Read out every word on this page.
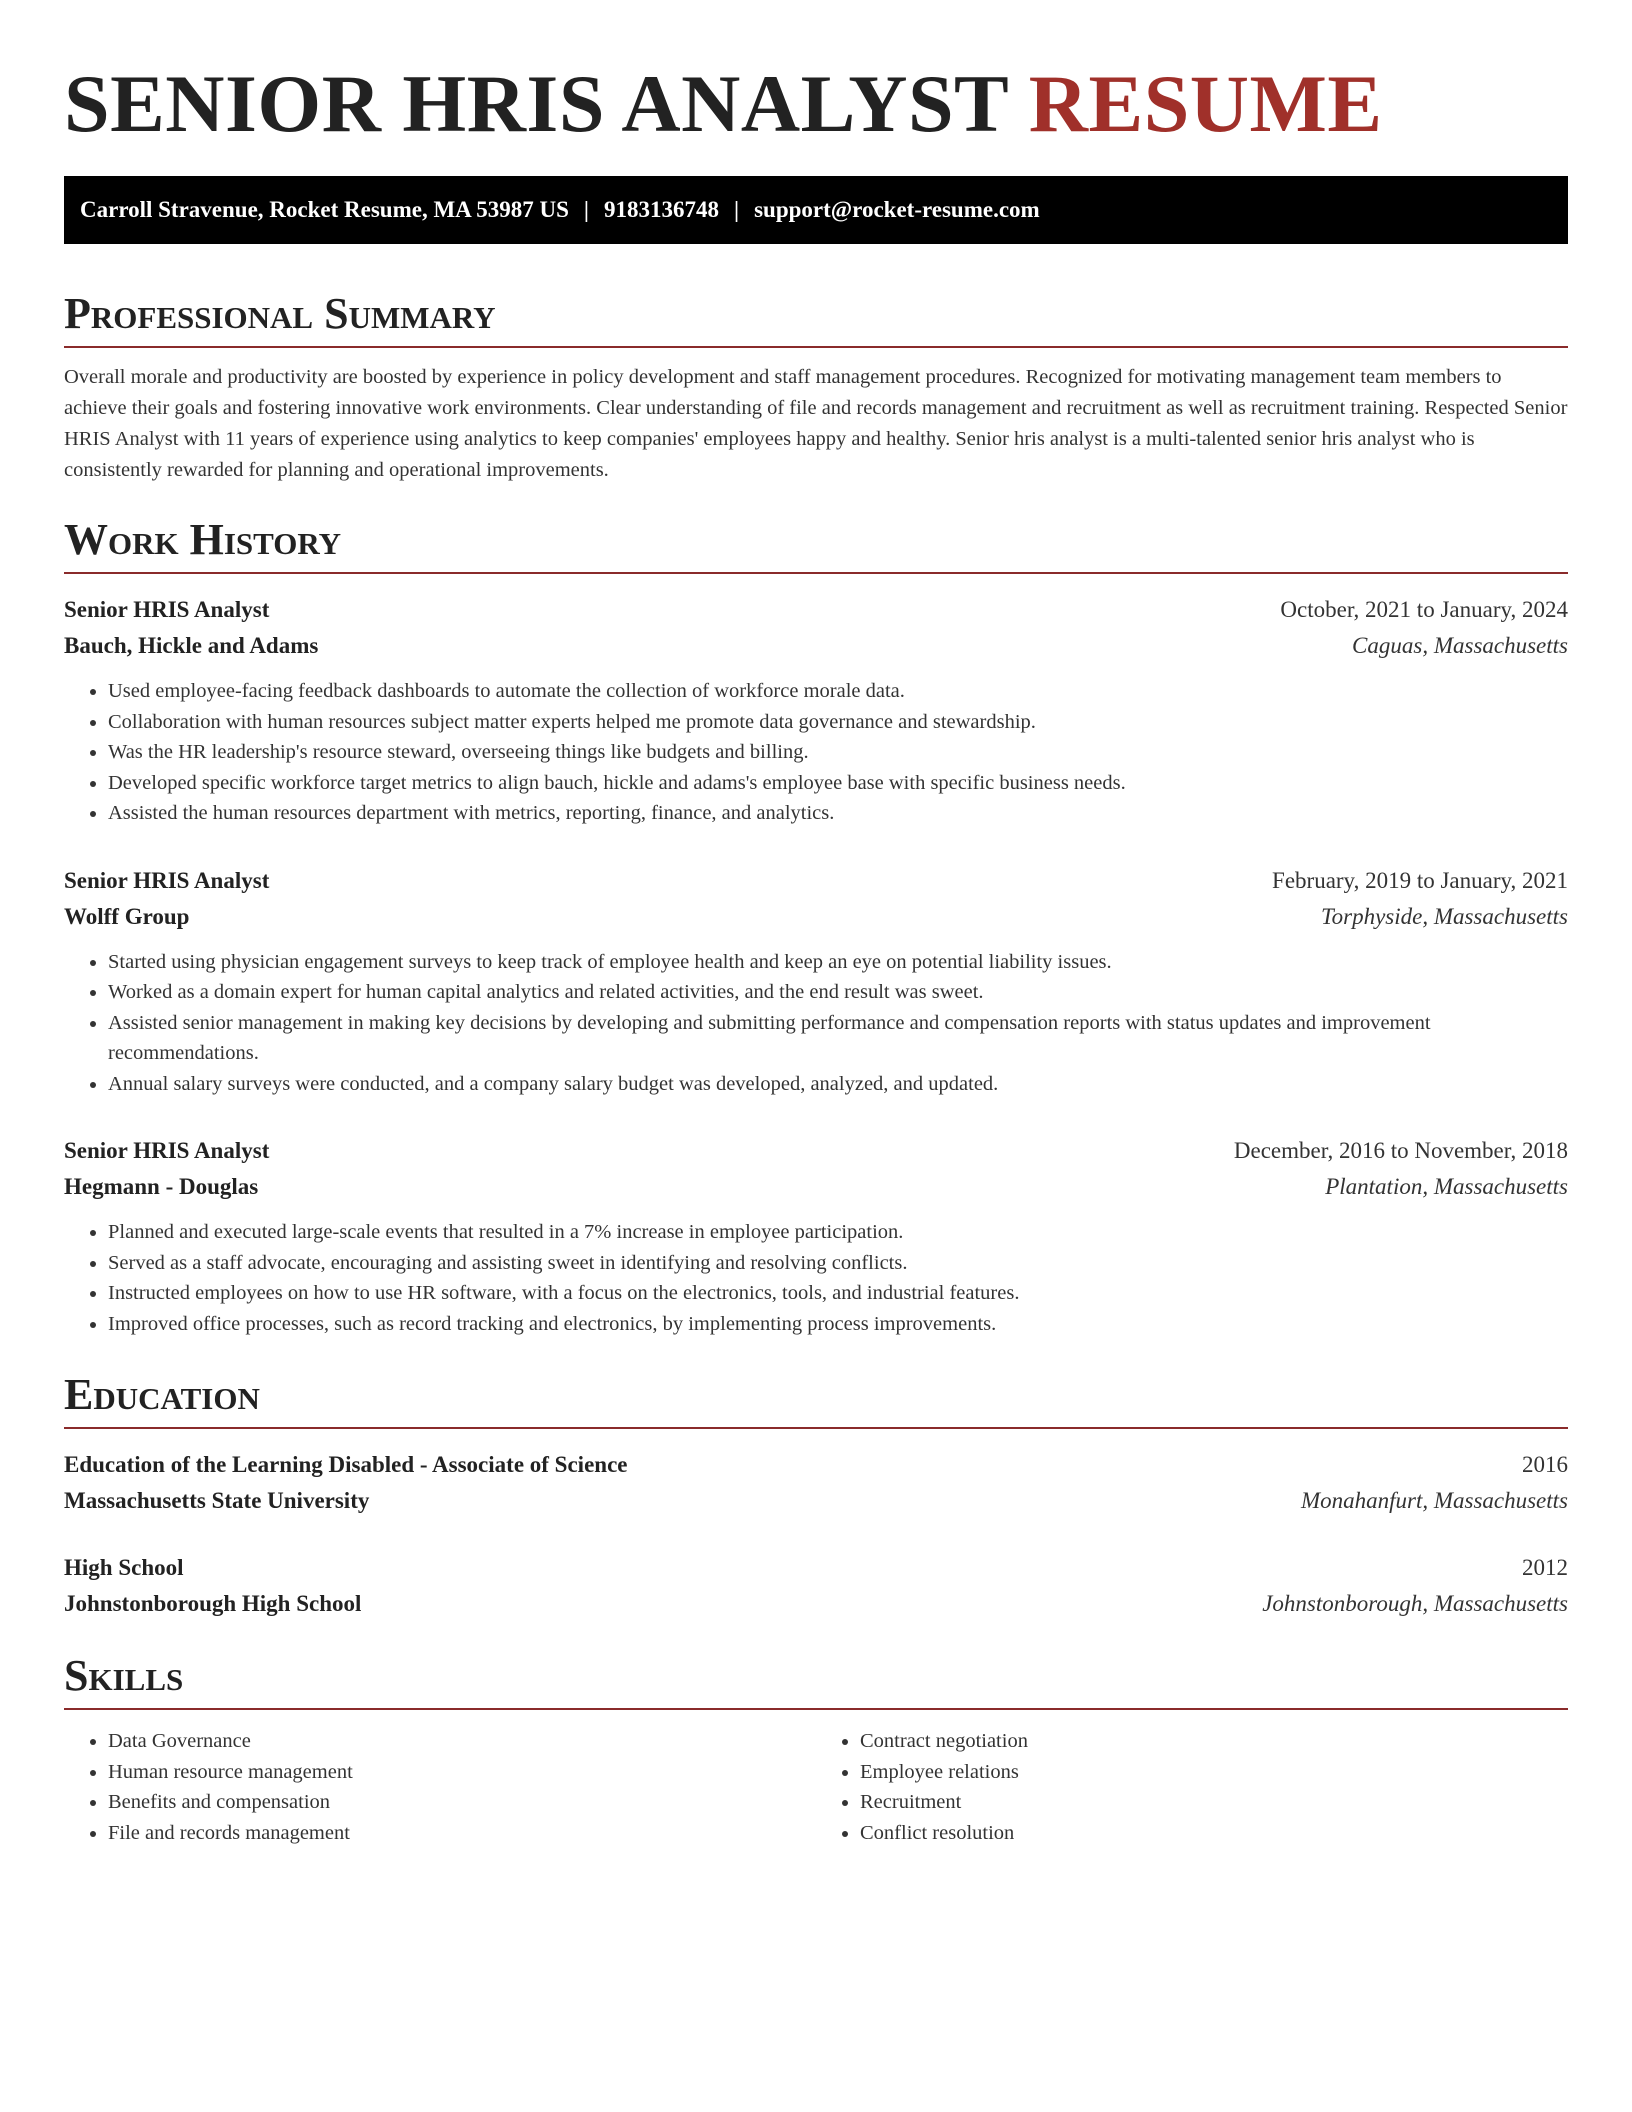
SENIOR HRIS ANALYST RESUME
Carroll Stravenue, Rocket Resume, MA 53987 US | 9183136748 | support@rocket-resume.com
Professional Summary

Overall morale and productivity are boosted by experience in policy development and staff management procedures. Recognized for motivating management team members to achieve their goals and fostering innovative work environments. Clear understanding of file and records management and recruitment as well as recruitment training. Respected Senior HRIS Analyst with 11 years of experience using analytics to keep companies' employees happy and healthy. Senior hris analyst is a multi-talented senior hris analyst who is consistently rewarded for planning and operational improvements.

Work History
Senior HRIS Analyst	October, 2021 to January, 2024
Bauch, Hickle and Adams	Caguas, Massachusetts
• Used employee-facing feedback dashboards to automate the collection of workforce morale data.
• Collaboration with human resources subject matter experts helped me promote data governance and stewardship.
• Was the HR leadership's resource steward, overseeing things like budgets and billing.
• Developed specific workforce target metrics to align bauch, hickle and adams's employee base with specific business needs.
• Assisted the human resources department with metrics, reporting, finance, and analytics.
Senior HRIS Analyst	February, 2019 to January, 2021
Wolff Group	Torphyside, Massachusetts
• Started using physician engagement surveys to keep track of employee health and keep an eye on potential liability issues.
• Worked as a domain expert for human capital analytics and related activities, and the end result was sweet.
• Assisted senior management in making key decisions by developing and submitting performance and compensation reports with status updates and improvement recommendations.
• Annual salary surveys were conducted, and a company salary budget was developed, analyzed, and updated.
Senior HRIS Analyst	December, 2016 to November, 2018
Hegmann - Douglas	Plantation, Massachusetts
• Planned and executed large-scale events that resulted in a 7% increase in employee participation.
• Served as a staff advocate, encouraging and assisting sweet in identifying and resolving conflicts.
• Instructed employees on how to use HR software, with a focus on the electronics, tools, and industrial features.
• Improved office processes, such as record tracking and electronics, by implementing process improvements.
Education
Education of the Learning Disabled - Associate of Science	2016
Massachusetts State University	Monahanfurt, Massachusetts
High School	2012
Johnstonborough High School	Johnstonborough, Massachusetts
Skills
• Data Governance
• Human resource management
• Benefits and compensation
• File and records management
• Contract negotiation
• Employee relations
• Recruitment
• Conflict resolution
